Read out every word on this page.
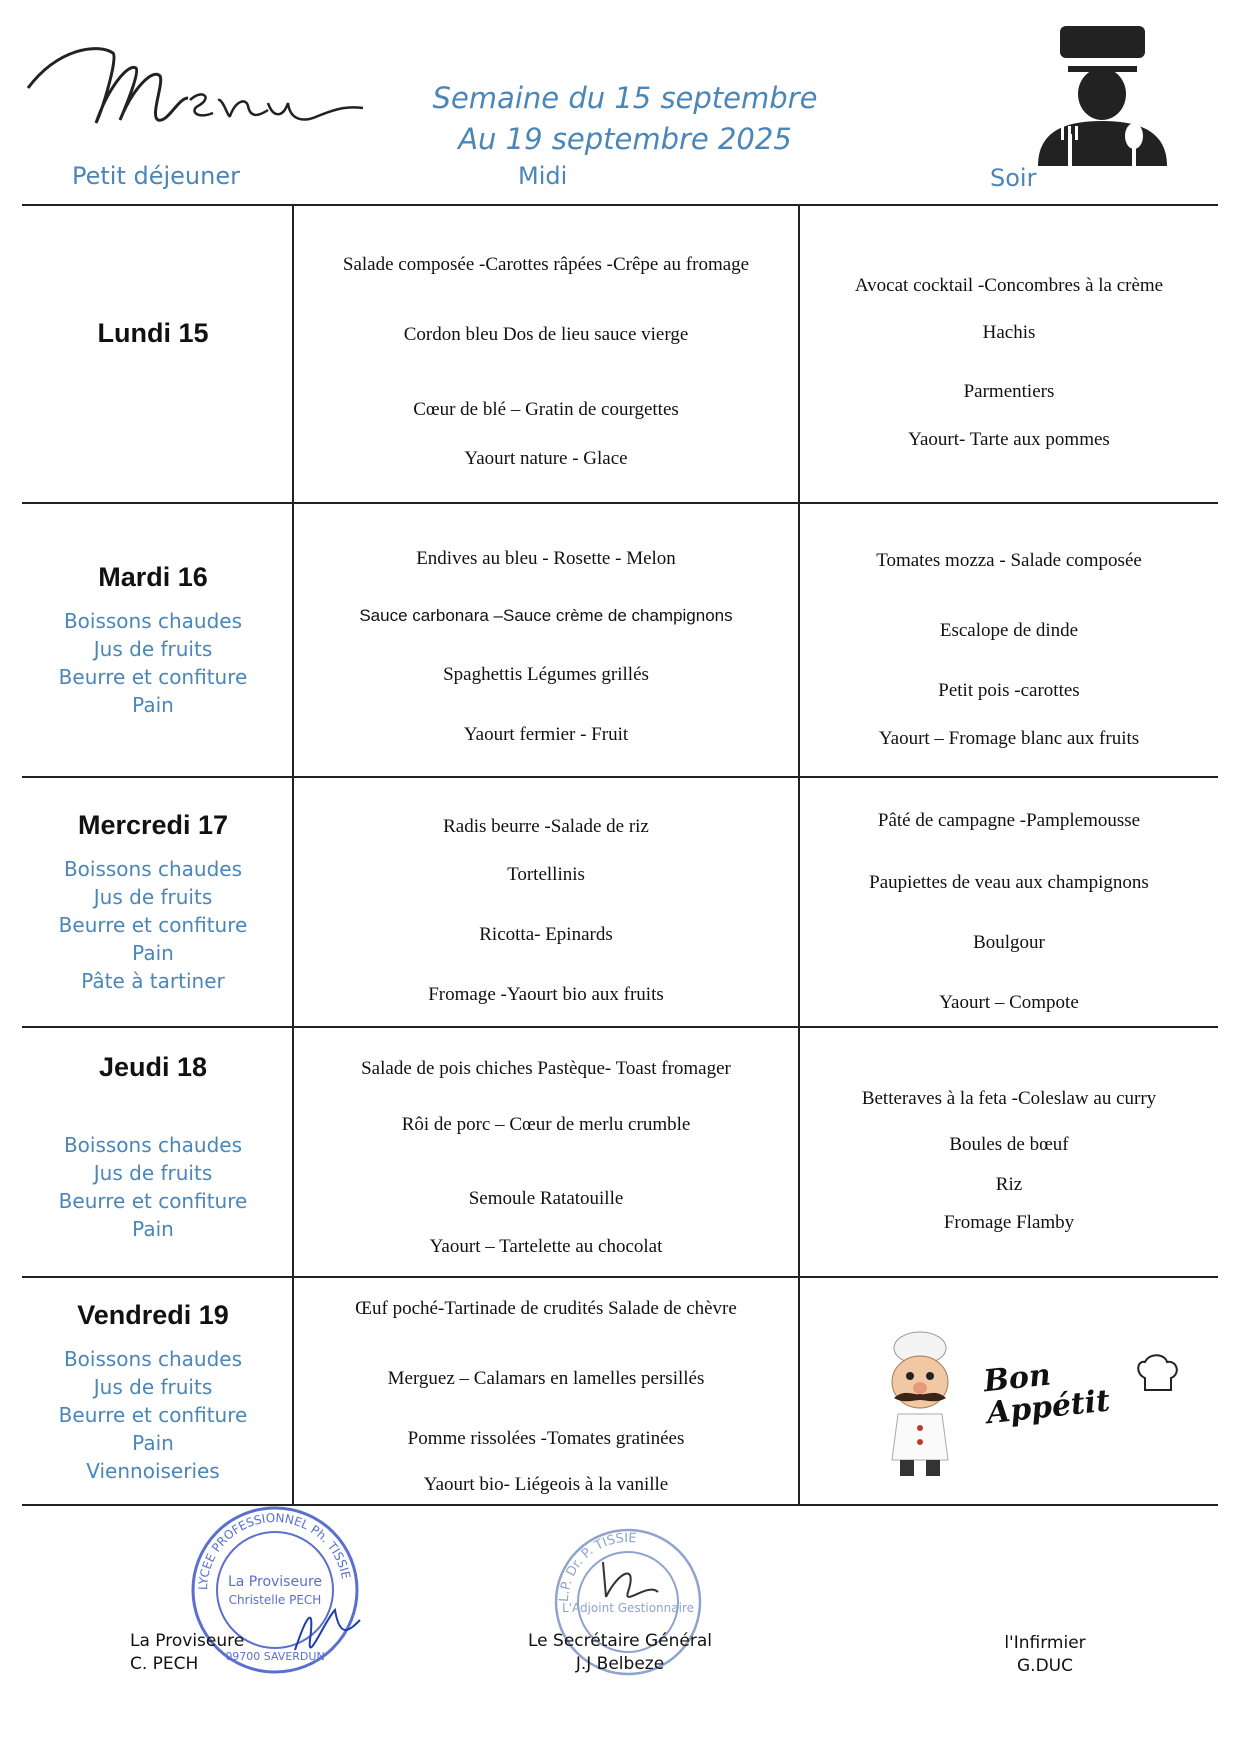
Semaine du 15 septembre
Au 19 septembre 2025
Petit déjeuner	Midi	Soir
Lundi 15
Salade composée -Carottes râpées -Crêpe au fromage
Cordon bleu Dos de lieu sauce vierge
Cœur de blé – Gratin de courgettes
Yaourt nature - Glace
Avocat cocktail -Concombres à la crème
Hachis
Parmentiers
Yaourt- Tarte aux pommes
Mardi 16
Boissons chaudes
Jus de fruits
Beurre et confiture
Pain
Endives au bleu - Rosette - Melon
Sauce carbonara –Sauce crème de champignons
Spaghettis Légumes grillés
Yaourt fermier - Fruit
Tomates mozza - Salade composée
Escalope de dinde
Petit pois -carottes
Yaourt – Fromage blanc aux fruits
Mercredi 17
Boissons chaudes
Jus de fruits
Beurre et confiture
Pain
Pâte à tartiner
Radis beurre -Salade de riz
Tortellinis
Ricotta- Epinards
Fromage -Yaourt bio aux fruits
Pâté de campagne -Pamplemousse
Paupiettes de veau aux champignons
Boulgour
Yaourt – Compote
Jeudi 18
Boissons chaudes
Jus de fruits
Beurre et confiture
Pain
Salade de pois chiches Pastèque- Toast fromager
Rôi de porc – Cœur de merlu crumble
Semoule Ratatouille
Yaourt – Tartelette au chocolat
Betteraves à la feta -Coleslaw au curry
Boules de bœuf
Riz
Fromage Flamby
Vendredi 19
Boissons chaudes
Jus de fruits
Beurre et confiture
Pain
Viennoiseries
Œuf poché-Tartinade de crudités Salade de chèvre
Merguez – Calamars en lamelles persillés
Pomme rissolées -Tomates gratinées
Yaourt bio- Liégeois à la vanille
Bon Appétit
LYCEE PROFESSIONNEL Ph. TISSIE
La Proviseure
Christelle PECH
09700 SAVERDUN
L.P. Dr. P. TISSIE
L'Adjoint Gestionnaire
La Proviseure
C. PECH
Le Secrétaire Général
J.J Belbeze
l'Infirmier
G.DUC
